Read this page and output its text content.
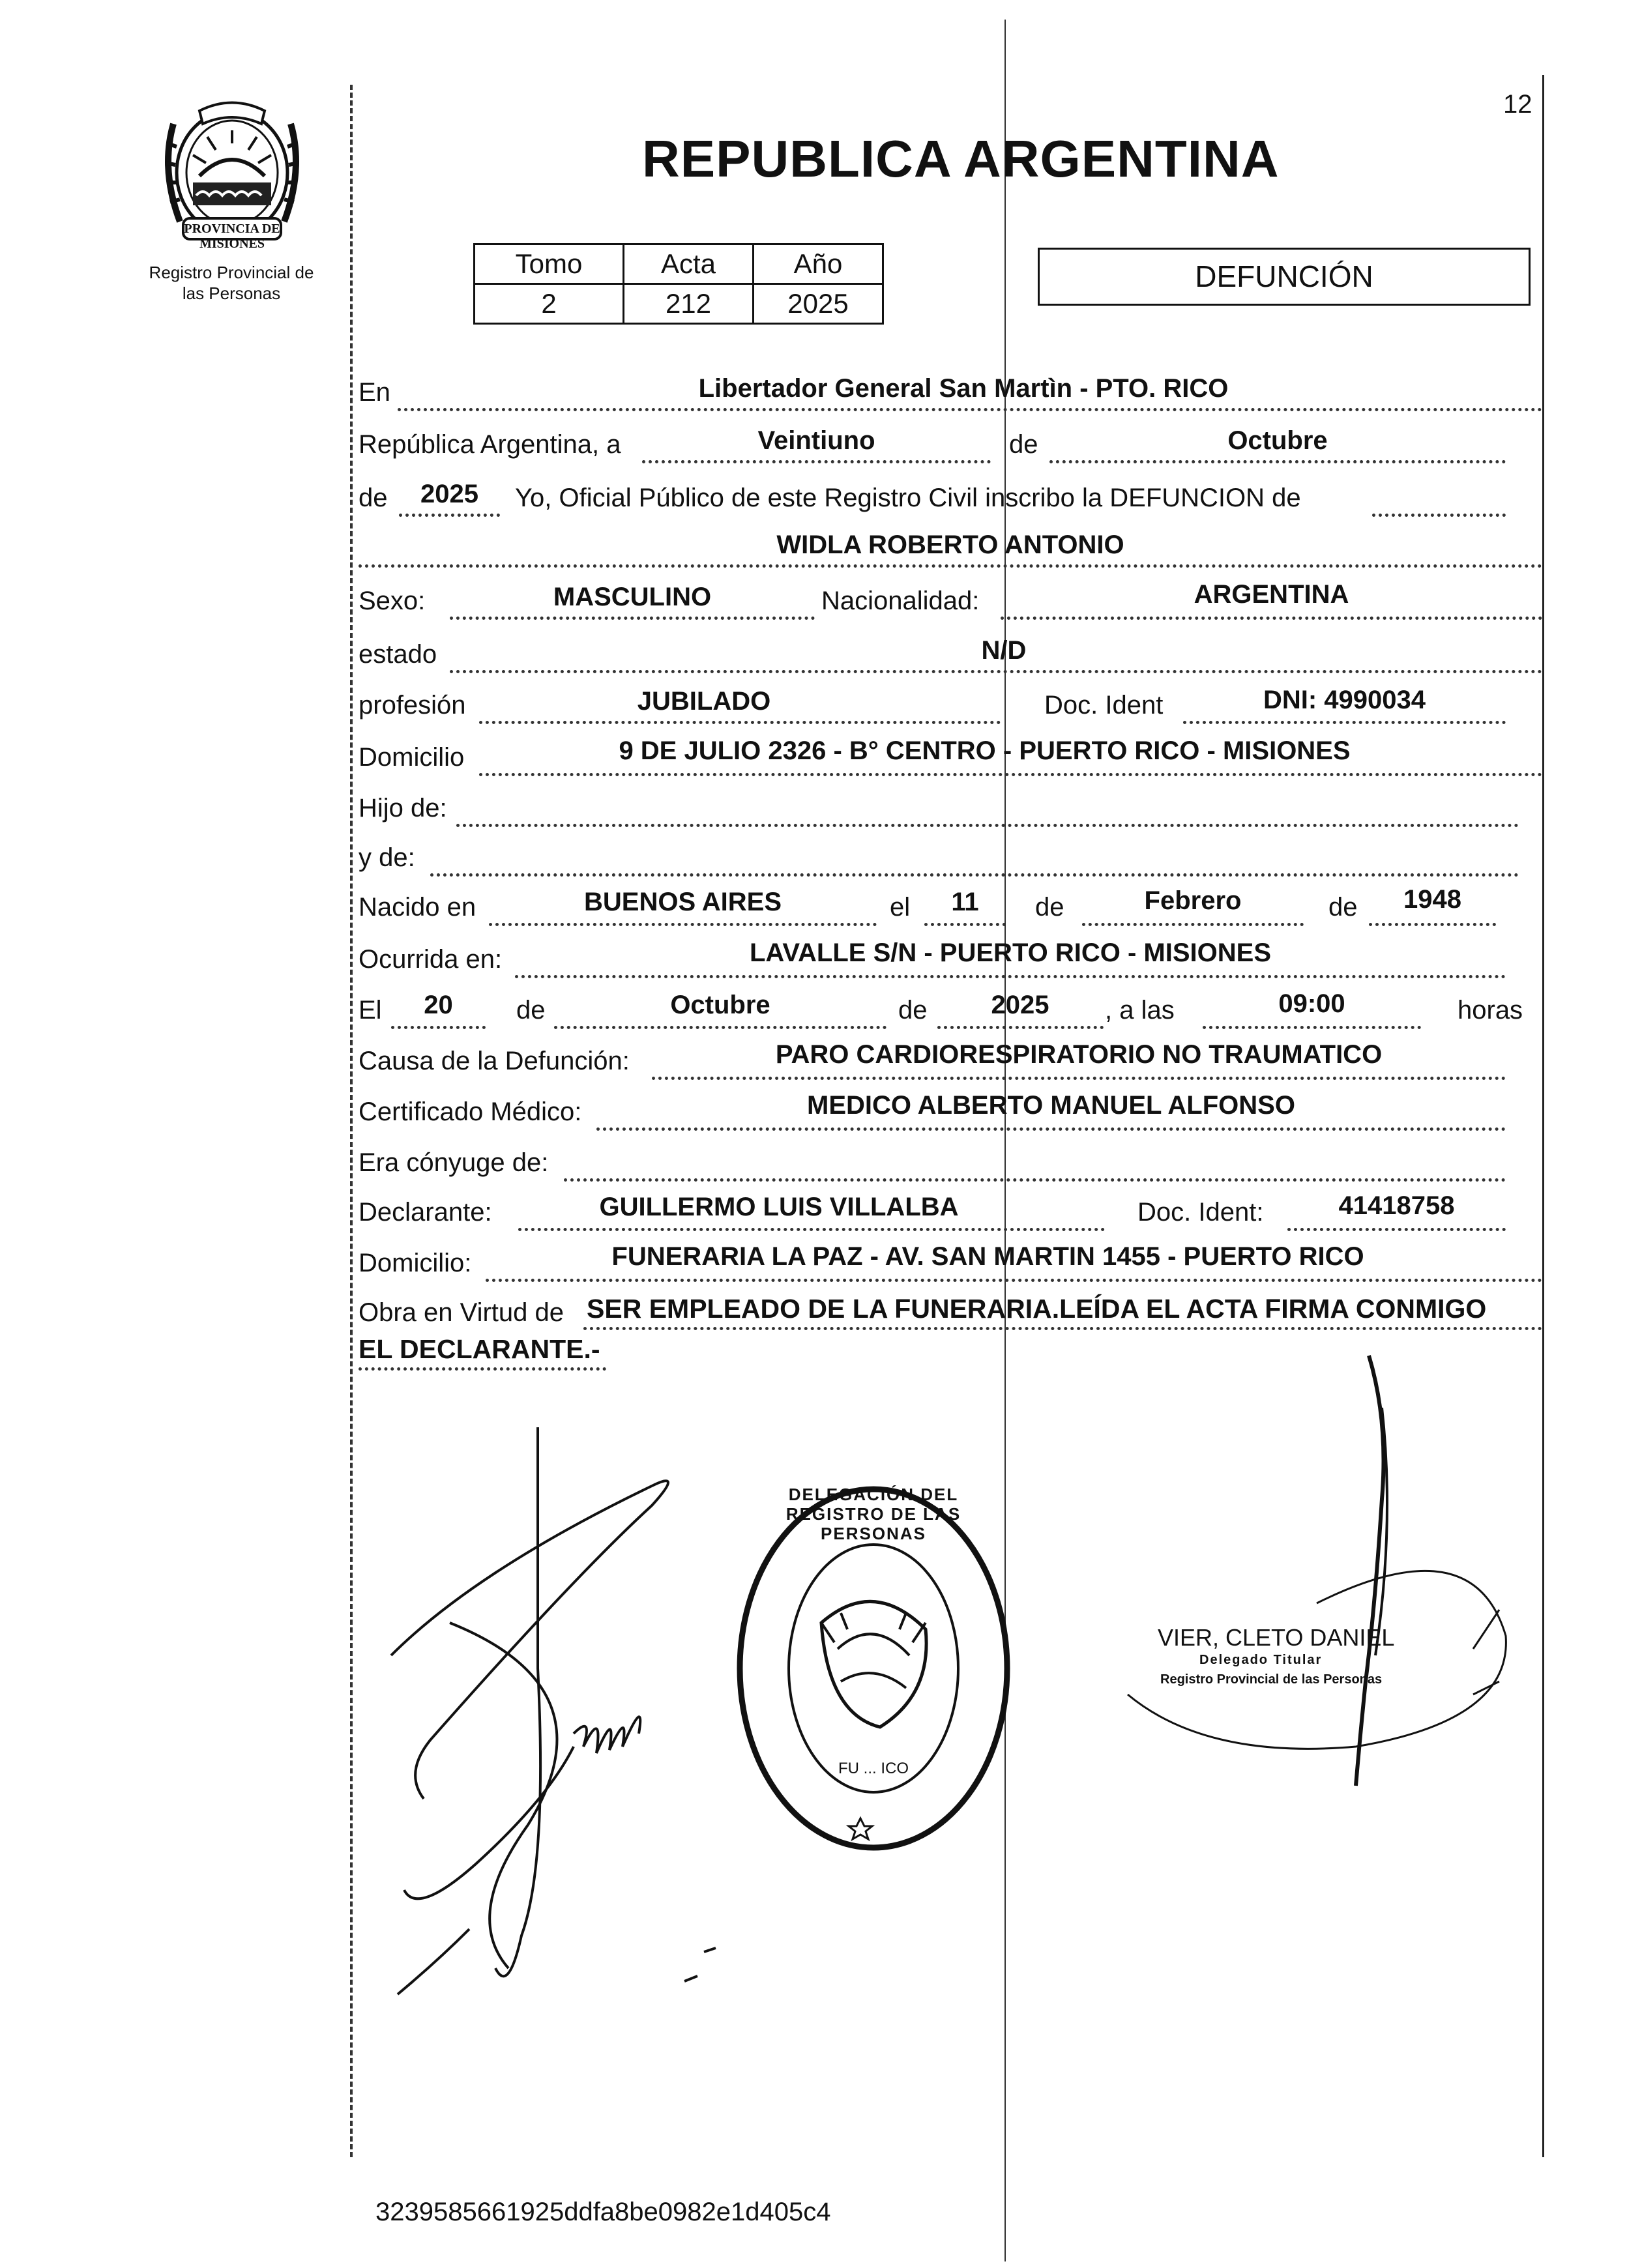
PROVINCIA DE MISIONES
Registro Provincial de
las Personas
12
REPUBLICA ARGENTINA
Tomo	Acta	Año
2	212	2025
DEFUNCIÓN
En	Libertador General San Martìn - PTO. RICO
República Argentina, a	Veintiuno	de	Octubre
de	2025	Yo, Oficial Público de este Registro Civil inscribo la DEFUNCION de
WIDLA ROBERTO ANTONIO
Sexo:	MASCULINO	Nacionalidad:	ARGENTINA
estado	N/D
profesión	JUBILADO	Doc. Ident	DNI: 4990034
Domicilio	9 DE JULIO 2326 - B° CENTRO - PUERTO RICO - MISIONES
Hijo de:
y de:
Nacido en	BUENOS AIRES	el	11	de	Febrero	de	1948
Ocurrida en:	LAVALLE S/N - PUERTO RICO - MISIONES
El	20	de	Octubre	de	2025	, a las	09:00	horas
Causa de la Defunción:	PARO CARDIORESPIRATORIO NO TRAUMATICO
Certificado Médico:	MEDICO ALBERTO MANUEL ALFONSO
Era cónyuge de:
Declarante:	GUILLERMO LUIS VILLALBA	Doc. Ident:	41418758
Domicilio:	FUNERARIA LA PAZ - AV. SAN MARTIN 1455 - PUERTO RICO
Obra en Virtud de SER EMPLEADO DE LA FUNERARIA.LEÍDA EL ACTA FIRMA CONMIGO
EL DECLARANTE.-
DELEGACIÓN DEL REGISTRO DE LAS PERSONAS
FU ... ICO
VIER, CLETO DANIEL
Delegado Titular
Registro Provincial de las Personas
3239585661925ddfa8be0982e1d405c4
